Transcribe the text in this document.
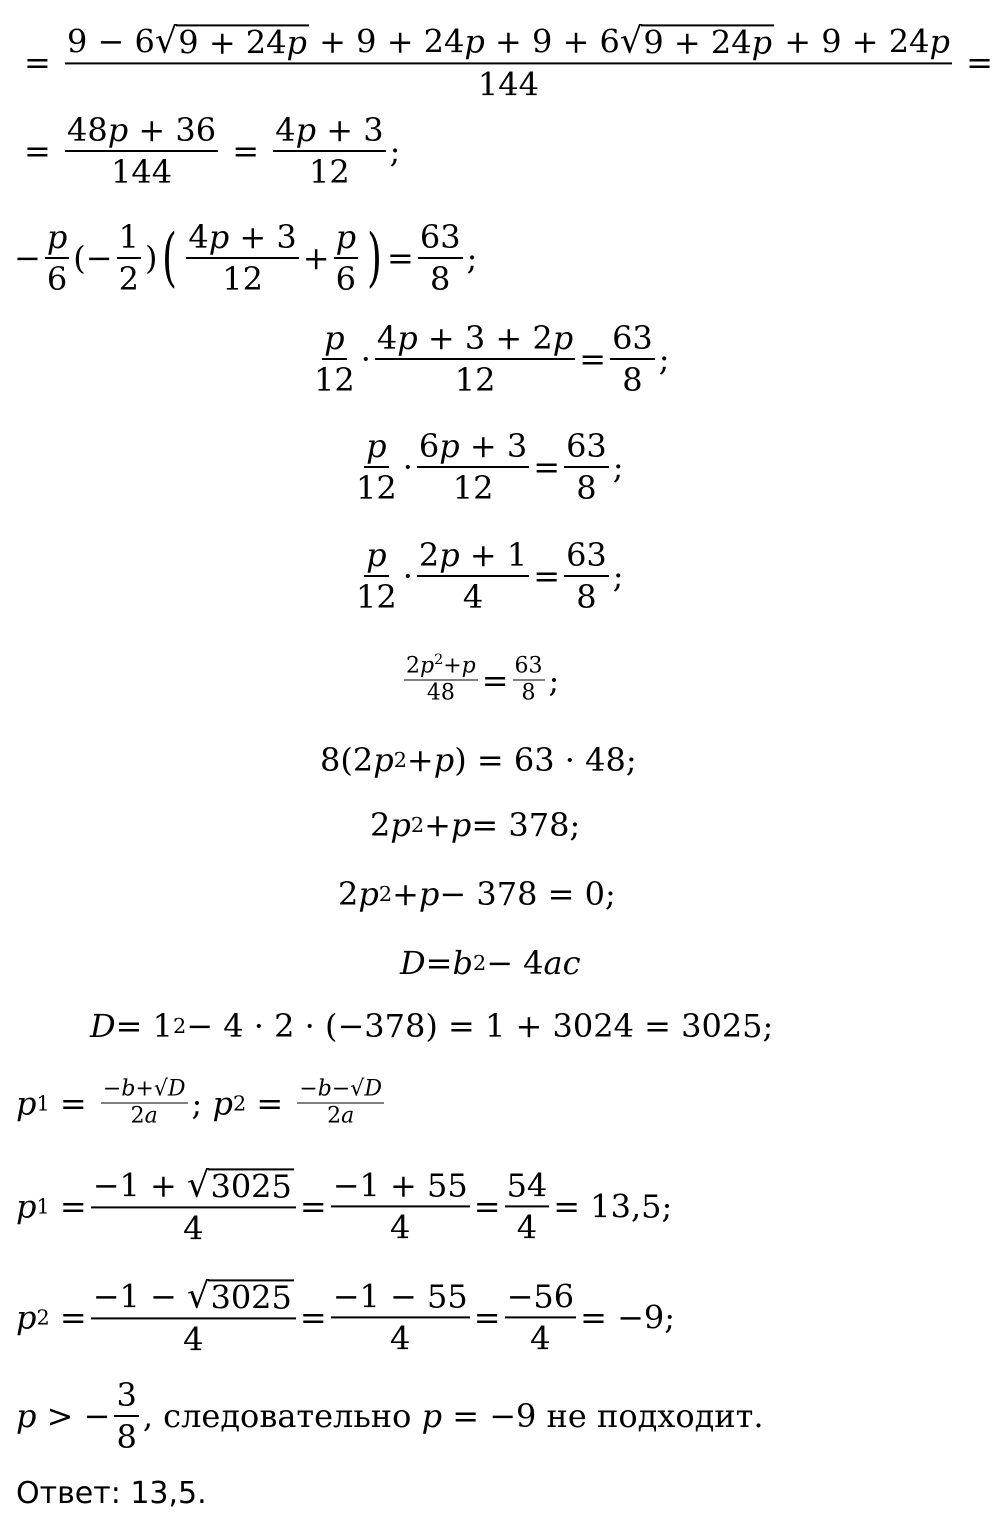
= $\frac{9 - 6 √ 9 + 24p + 9 + 24p + 9 + 6 √ 9 + 24p + 9 + 24p}{144}$ =
= $\frac{48p + 36}{144} = \frac{4p + 3}{12}$ ;
− $\frac{p}{6}$ (− $\frac{1}{2}$ ) ( $\frac{4p + 3}{12} + \frac{p}{6}$ ) = $\frac{63}{8}$ ;
$\frac{p}{12} \cdot \frac{4p + 3 + 2p}{12} = \frac{63}{8}$ ;
$\frac{p}{12} \cdot \frac{6p + 3}{12} = \frac{63}{8}$ ;
$\frac{p}{12} \cdot \frac{2p + 1}{4} = \frac{63}{8}$ ;
$\frac{2p^2+p}{48} = \frac{63}{8}$ ;
8(2 p 2 + p ) = 63 · 48;
2 p 2 + p = 378;
2 p 2 + p − 378 = 0;
D = b 2 − 4 ac
D = 1 2 − 4 · 2 · (−378) = 1 + 3024 = 3025;
p $1 = \frac{-b+√D}{2a}$ ; p $2 = \frac{-b-√D}{2a}$
p $1 = \frac{-1 + √ 3025}{4} = \frac{-1 + 55}{4} = \frac{54}{4} = 13,5$;
p $2 = \frac{-1 - √ 3025}{4} = \frac{-1 - 55}{4} = \frac{-56}{4} = -9$;
p > − $\frac{3}{8}$ , следовательно p = −9 не подходит.
Ответ: 13,5.
